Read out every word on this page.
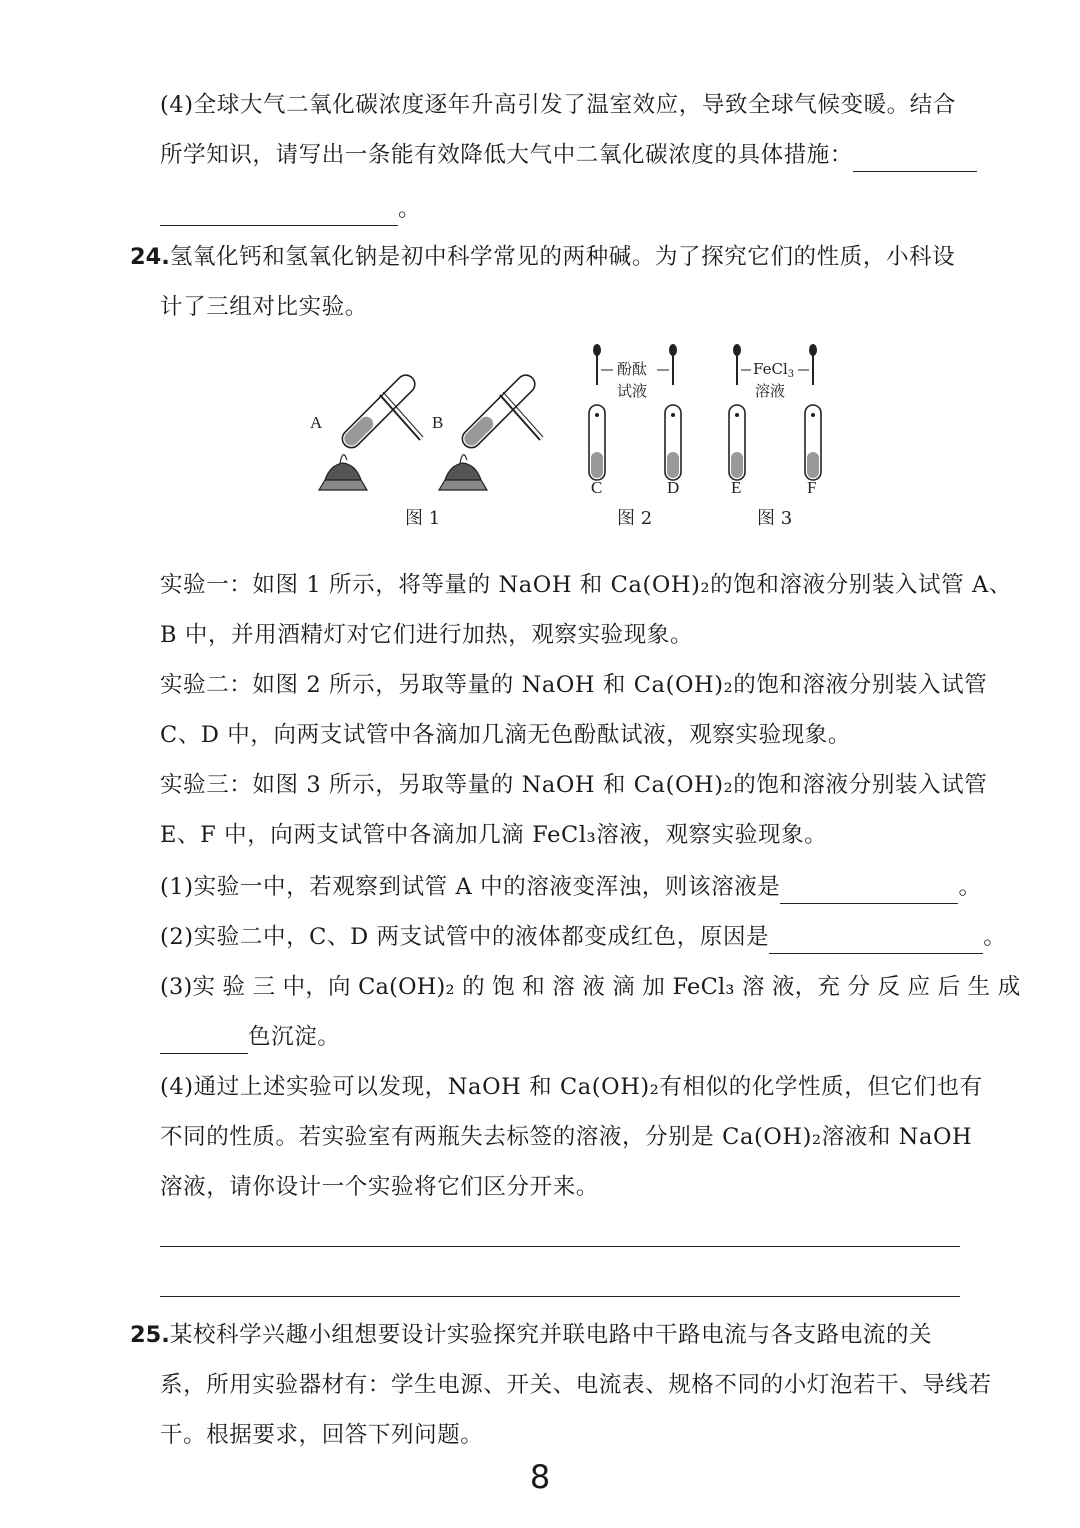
(4)全球大气二氧化碳浓度逐年升高引发了温室效应，导致全球气候变暖。结合
所学知识，请写出一条能有效降低大气中二氧化碳浓度的具体措施：
。
24.氢氧化钙和氢氧化钠是初中科学常见的两种碱。为了探究它们的性质，小科设
计了三组对比实验。
A	B
酚酞
试液
C	D
FeCl$_3$
溶液
E	F
图 1	图 2	图 3
实验一：如图 1 所示，将等量的 NaOH 和 Ca(OH)₂的饱和溶液分别装入试管 A、
B 中，并用酒精灯对它们进行加热，观察实验现象。
实验二：如图 2 所示，另取等量的 NaOH 和 Ca(OH)₂的饱和溶液分别装入试管
C、D 中，向两支试管中各滴加几滴无色酚酞试液，观察实验现象。
实验三：如图 3 所示，另取等量的 NaOH 和 Ca(OH)₂的饱和溶液分别装入试管
E、F 中，向两支试管中各滴加几滴 FeCl₃溶液，观察实验现象。
(1)实验一中，若观察到试管 A 中的溶液变浑浊，则该溶液是	。
(2)实验二中，C、D 两支试管中的液体都变成红色，原因是	。
(3)实 验 三 中，向 Ca(OH)₂ 的 饱 和 溶 液 滴 加 FeCl₃ 溶 液，充 分 反 应 后 生 成
色沉淀。
(4)通过上述实验可以发现，NaOH 和 Ca(OH)₂有相似的化学性质，但它们也有
不同的性质。若实验室有两瓶失去标签的溶液，分别是 Ca(OH)₂溶液和 NaOH
溶液，请你设计一个实验将它们区分开来。
25.某校科学兴趣小组想要设计实验探究并联电路中干路电流与各支路电流的关
系，所用实验器材有：学生电源、开关、电流表、规格不同的小灯泡若干、导线若
干。根据要求，回答下列问题。
8
